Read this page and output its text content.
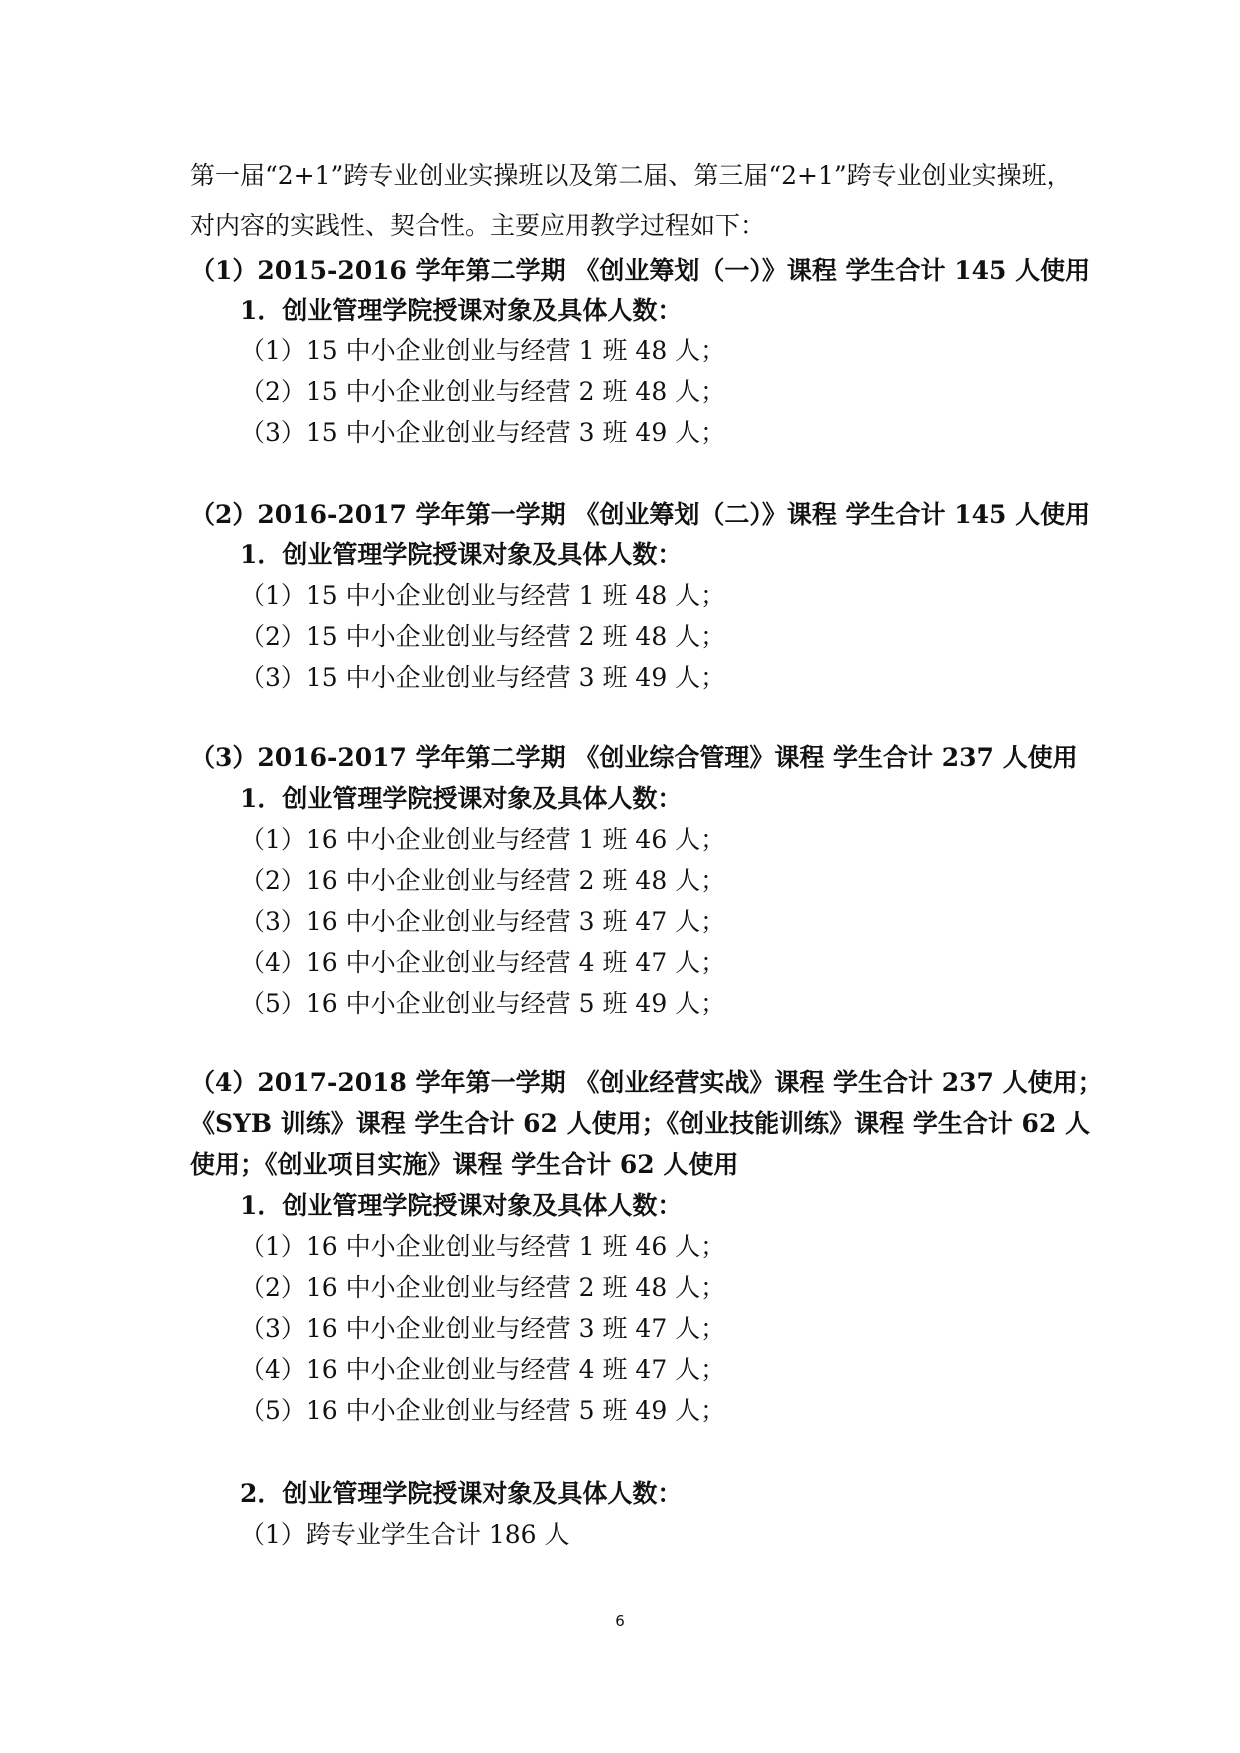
第一届“2+1”跨专业创业实操班以及第二届、第三届“2+1”跨专业创业实操班，
对内容的实践性、契合性。主要应用教学过程如下：
（1）2015-2016 学年第二学期 《创业筹划（一）》课程 学生合计 145 人使用
1．创业管理学院授课对象及具体人数：
（1）15 中小企业创业与经营 1 班 48 人；
（2）15 中小企业创业与经营 2 班 48 人；
（3）15 中小企业创业与经营 3 班 49 人；
（2）2016-2017 学年第一学期 《创业筹划（二）》课程 学生合计 145 人使用
1．创业管理学院授课对象及具体人数：
（1）15 中小企业创业与经营 1 班 48 人；
（2）15 中小企业创业与经营 2 班 48 人；
（3）15 中小企业创业与经营 3 班 49 人；
（3）2016-2017 学年第二学期 《创业综合管理》课程 学生合计 237 人使用
1．创业管理学院授课对象及具体人数：
（1）16 中小企业创业与经营 1 班 46 人；
（2）16 中小企业创业与经营 2 班 48 人；
（3）16 中小企业创业与经营 3 班 47 人；
（4）16 中小企业创业与经营 4 班 47 人；
（5）16 中小企业创业与经营 5 班 49 人；
（4）2017-2018 学年第一学期 《创业经营实战》课程 学生合计 237 人使用；
《SYB 训练》课程 学生合计 62 人使用；《创业技能训练》课程 学生合计 62 人
使用；《创业项目实施》课程 学生合计 62 人使用
1．创业管理学院授课对象及具体人数：
（1）16 中小企业创业与经营 1 班 46 人；
（2）16 中小企业创业与经营 2 班 48 人；
（3）16 中小企业创业与经营 3 班 47 人；
（4）16 中小企业创业与经营 4 班 47 人；
（5）16 中小企业创业与经营 5 班 49 人；
2．创业管理学院授课对象及具体人数：
（1）跨专业学生合计 186 人
6
